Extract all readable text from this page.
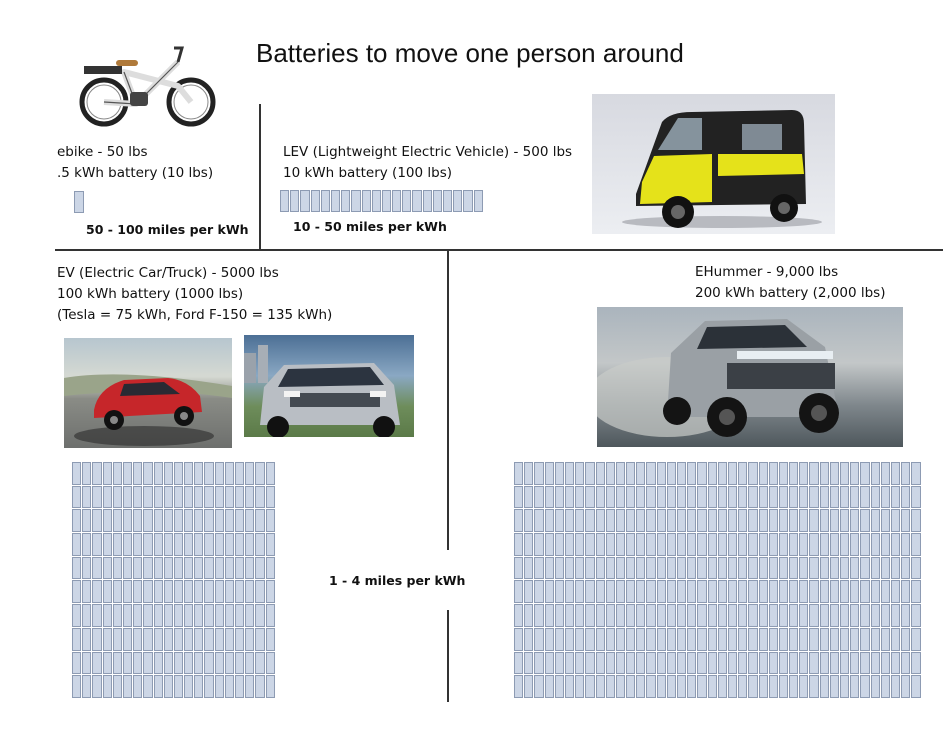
Batteries to move one person around
ebike - 50 lbs
.5 kWh battery (10 lbs)
50 - 100 miles per kWh
LEV (Lightweight Electric Vehicle) - 500 lbs
10 kWh battery (100 lbs)
10 - 50 miles per kWh
EV (Electric Car/Truck) - 5000 lbs
100 kWh battery (1000 lbs)
(Tesla = 75 kWh, Ford F-150 = 135 kWh)
1 - 4 miles per kWh
EHummer - 9,000 lbs
200 kWh battery (2,000 lbs)
